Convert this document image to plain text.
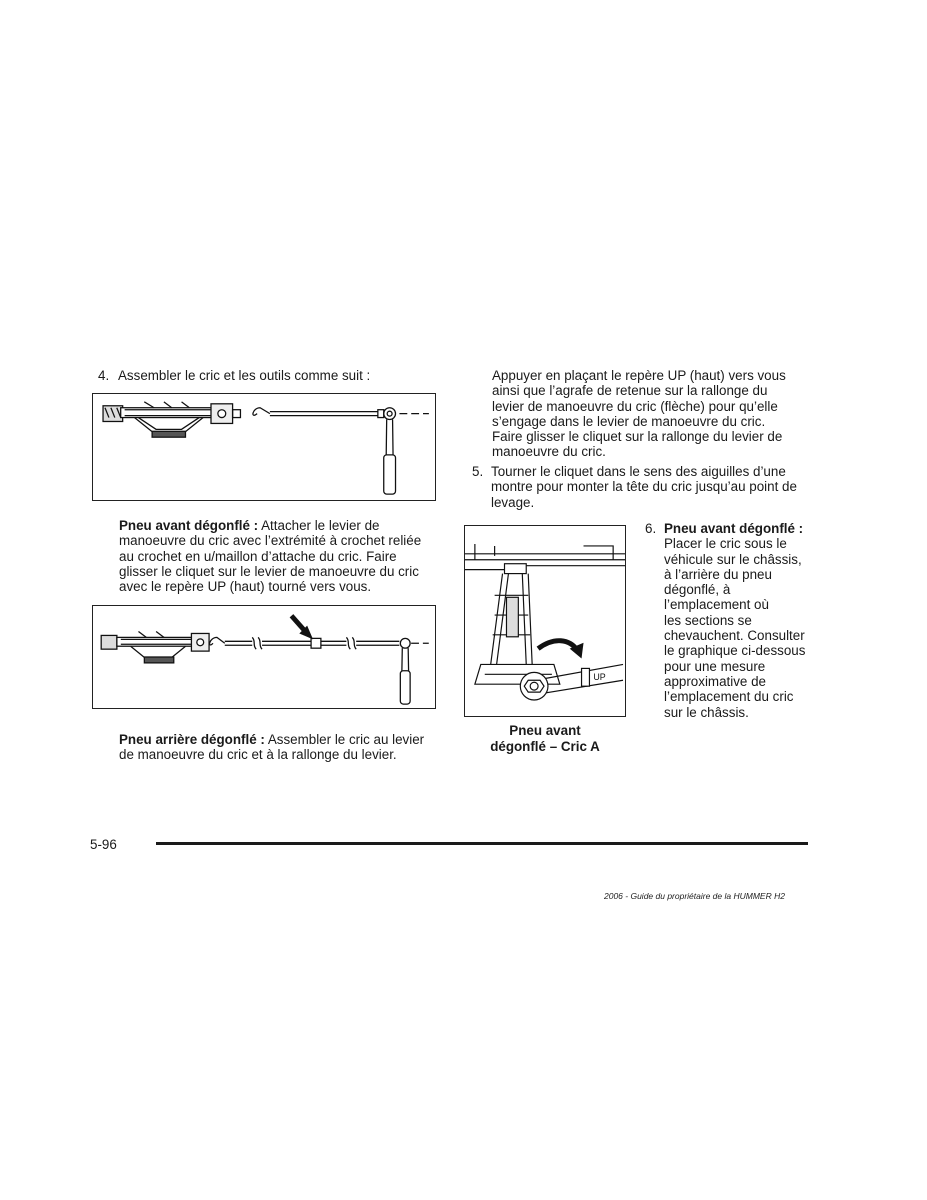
4. Assembler le cric et les outils comme suit :
Pneu avant dégonflé : Attacher le levier de
manoeuvre du cric avec l’extrémité à crochet reliée
au crochet en u/maillon d’attache du cric. Faire
glisser le cliquet sur le levier de manoeuvre du cric
avec le repère UP (haut) tourné vers vous.
Pneu arrière dégonflé : Assembler le cric au levier
de manoeuvre du cric et à la rallonge du levier.
Appuyer en plaçant le repère UP (haut) vers vous
ainsi que l’agrafe de retenue sur la rallonge du
levier de manoeuvre du cric (flèche) pour qu’elle
s’engage dans le levier de manoeuvre du cric.
Faire glisser le cliquet sur la rallonge du levier de
manoeuvre du cric.
5. Tourner le cliquet dans le sens des aiguilles d’une
montre pour monter la tête du cric jusqu’au point de
levage.
UP
Pneu avant
dégonflé – Cric A
6. Pneu avant dégonflé :
Placer le cric sous le
véhicule sur le châssis,
à l’arrière du pneu
dégonflé, à
l’emplacement où
les sections se
chevauchent. Consulter
le graphique ci-dessous
pour une mesure
approximative de
l’emplacement du cric
sur le châssis.
5-96
2006 - Guide du propriétaire de la HUMMER H2
